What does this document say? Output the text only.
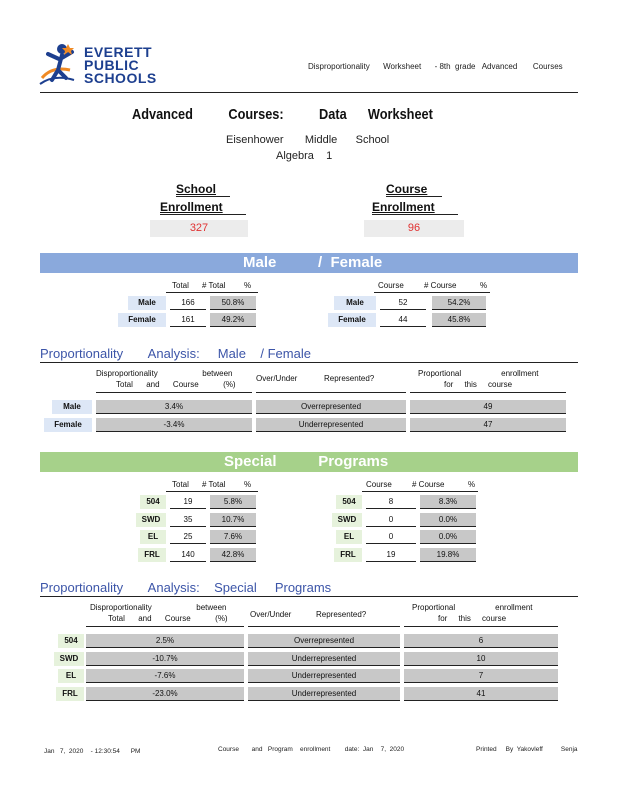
EVERETT
PUBLIC
SCHOOLS
Disproportionality      Worksheet      - 8th  grade   Advanced       Courses
Advanced          Courses:          Data      Worksheet
Eisenhower       Middle      School
Algebra    1
School
Enrollment
327
Course
Enrollment
96
Male          /  Female
Total # Total %
Male	166	50.8%
Female	161	49.2%
Course	# Course	%
Male	52	54.2%
Female	44	45.8%
Proportionality       Analysis:     Male    / Female
Disproportionality                    between
Total      and      Course           (%)
Over/Under	Represented?
Proportional                  enrollment
for     this     course
Male	3.4%	Overrepresented	49
Female	-3.4%	Underrepresented	47
Special          Programs
Total # Total %
504	19	5.8%
SWD	35	10.7%
EL	25	7.6%
FRL	140	42.8%
Course	# Course	%
504	8	8.3%
SWD	0	0.0%
EL	0	0.0%
FRL	19	19.8%
Proportionality       Analysis:    Special     Programs
Disproportionality                    between
Total      and      Course           (%)	Over/Under	Represented?
Proportional                  enrollment
for     this     course
504	2.5%	Overrepresented	6
SWD	-10.7%	Underrepresented	10
EL	-7.6%	Underrepresented	7
FRL	-23.0%	Underrepresented	41
Jan   7,  2020    - 12:30:54      PM	Course       and   Program    enrollment        date:  Jan    7,  2020	Printed     By  Yakovleff          Senja
